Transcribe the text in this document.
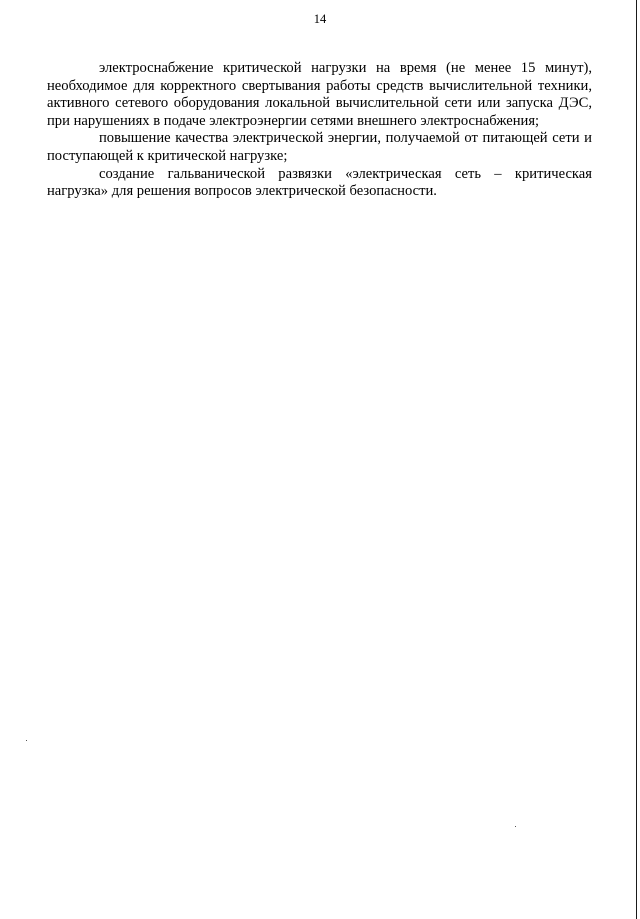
14

электроснабжение критической нагрузки на время (не менее 15 минут), необходимое для корректного свертывания работы средств вычислительной техники, активного сетевого оборудования локальной вычислительной сети или запуска ДЭС, при нарушениях в подаче электроэнергии сетями внешнего электроснабжения;

повышение качества электрической энергии, получаемой от питающей сети и поступающей к критической нагрузке;

создание гальванической развязки «электрическая сеть – критическая нагрузка» для решения вопросов электрической безопасности.
